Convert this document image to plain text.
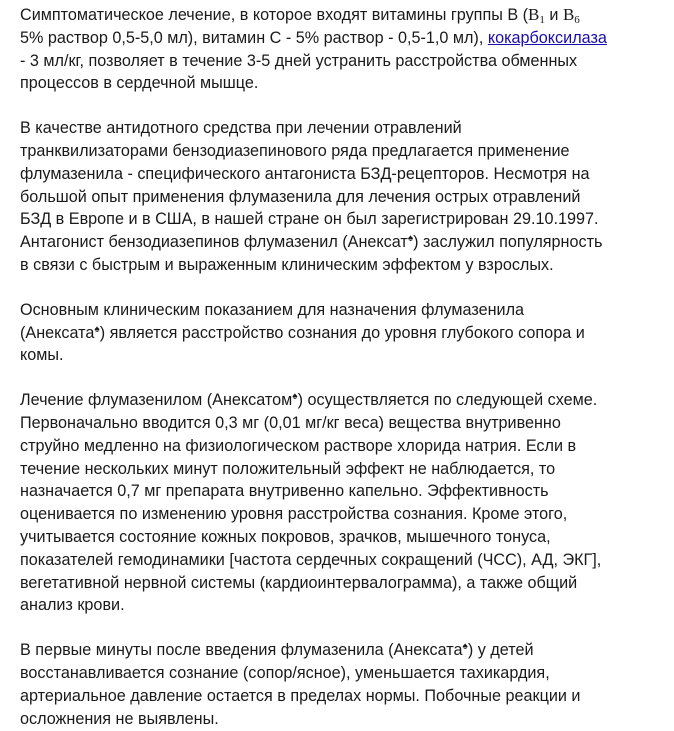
Симптоматическое лечение, в которое входят витамины группы В ($В_1$ и $В_6$
5% раствор 0,5-5,0 мл), витамин С - 5% раствор - 0,5-1,0 мл), кокарбоксилаза
- 3 мл/кг, позволяет в течение 3-5 дней устранить расстройства обменных
процессов в сердечной мышце.
В качестве антидотного средства при лечении отравлений
транквилизаторами бензодиазепинового ряда предлагается применение
флумазенила - специфического антагониста БЗД-рецепторов. Несмотря на
большой опыт применения флумазенила для лечения острых отравлений
БЗД в Европе и в США, в нашей стране он был зарегистрирован 29.10.1997.
Антагонист бензодиазепинов флумазенил (Анексат♠) заслужил популярность
в связи с быстрым и выраженным клиническим эффектом у взрослых.
Основным клиническим показанием для назначения флумазенила
(Анексата♠) является расстройство сознания до уровня глубокого сопора и
комы.
Лечение флумазенилом (Анексатом♠) осуществляется по следующей схеме.
Первоначально вводится 0,3 мг (0,01 мг/кг веса) вещества внутривенно
струйно медленно на физиологическом растворе хлорида натрия. Если в
течение нескольких минут положительный эффект не наблюдается, то
назначается 0,7 мг препарата внутривенно капельно. Эффективность
оценивается по изменению уровня расстройства сознания. Кроме этого,
учитывается состояние кожных покровов, зрачков, мышечного тонуса,
показателей гемодинамики [частота сердечных сокращений (ЧСС), АД, ЭКГ],
вегетативной нервной системы (кардиоинтервалограмма), а также общий
анализ крови.
В первые минуты после введения флумазенила (Анексата♠) у детей
восстанавливается сознание (сопор/ясное), уменьшается тахикардия,
артериальное давление остается в пределах нормы. Побочные реакции и
осложнения не выявлены.
